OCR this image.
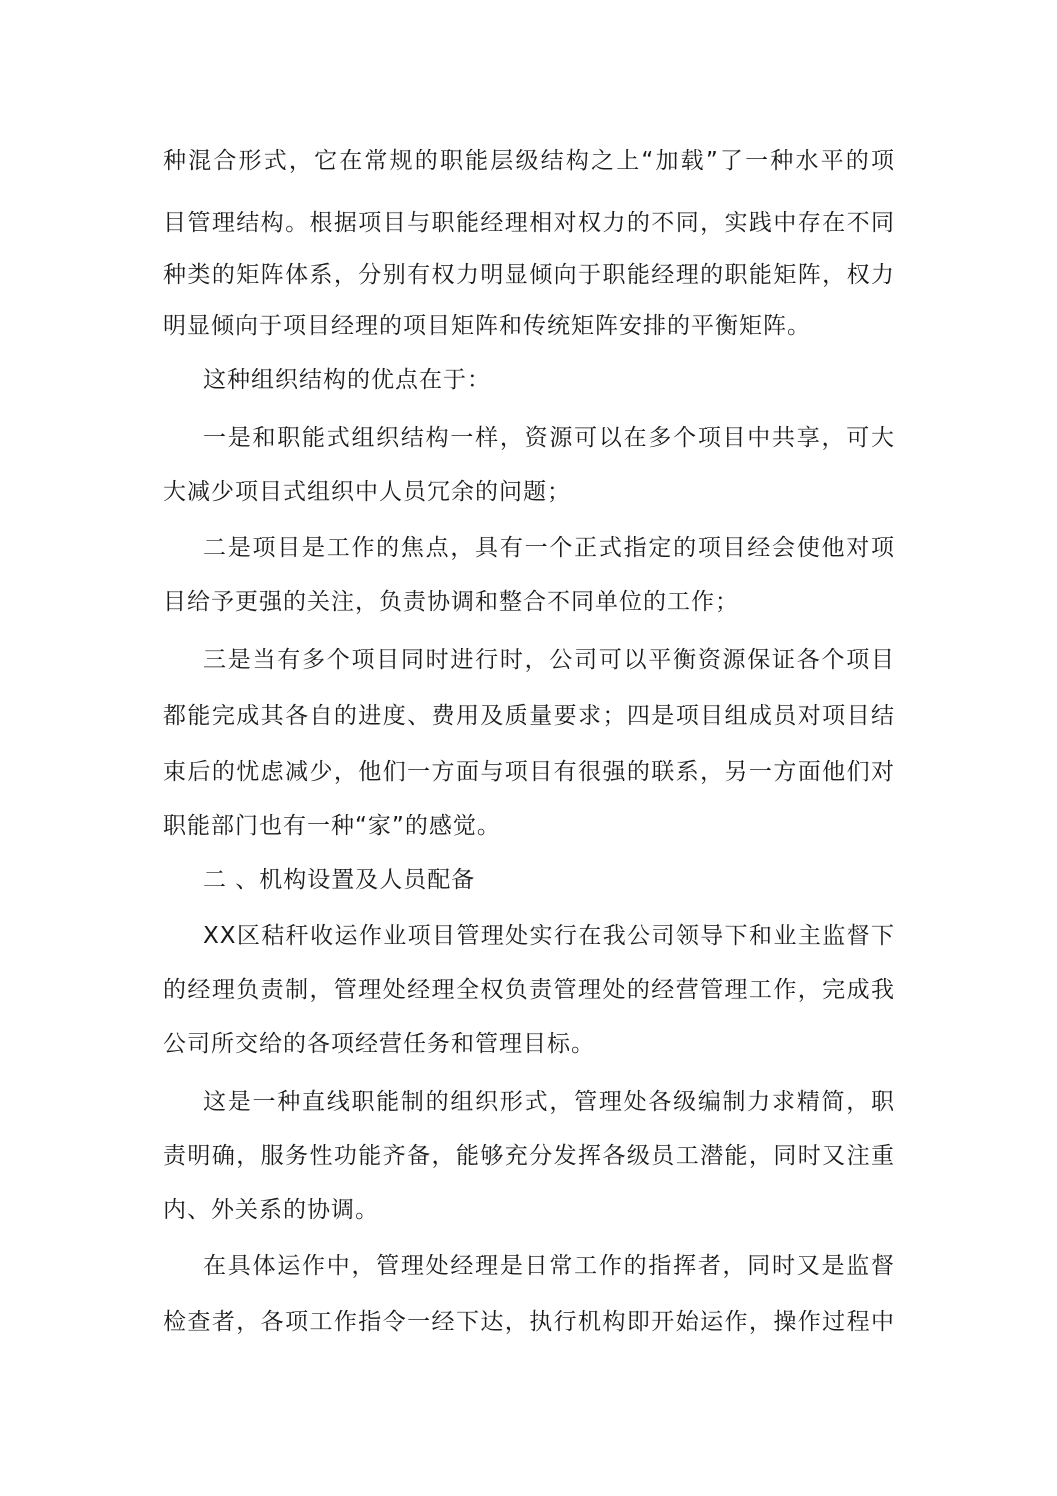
种混合形式，它在常规的职能层级结构之上“加载”了一种水平的项
目管理结构。根据项目与职能经理相对权力的不同，实践中存在不同
种类的矩阵体系，分别有权力明显倾向于职能经理的职能矩阵，权力
明显倾向于项目经理的项目矩阵和传统矩阵安排的平衡矩阵。
这种组织结构的优点在于：
一是和职能式组织结构一样，资源可以在多个项目中共享，可大
大减少项目式组织中人员冗余的问题；
二是项目是工作的焦点，具有一个正式指定的项目经会使他对项
目给予更强的关注，负责协调和整合不同单位的工作；
三是当有多个项目同时进行时，公司可以平衡资源保证各个项目
都能完成其各自的进度、费用及质量要求；四是项目组成员对项目结
束后的忧虑减少，他们一方面与项目有很强的联系，另一方面他们对
职能部门也有一种“家”的感觉。
二 、机构设置及人员配备
XX区秸秆收运作业项目管理处实行在我公司领导下和业主监督下
的经理负责制，管理处经理全权负责管理处的经营管理工作，完成我
公司所交给的各项经营任务和管理目标。
这是一种直线职能制的组织形式，管理处各级编制力求精简，职
责明确，服务性功能齐备，能够充分发挥各级员工潜能，同时又注重
内、外关系的协调。
在具体运作中，管理处经理是日常工作的指挥者，同时又是监督
检查者，各项工作指令一经下达，执行机构即开始运作，操作过程中
